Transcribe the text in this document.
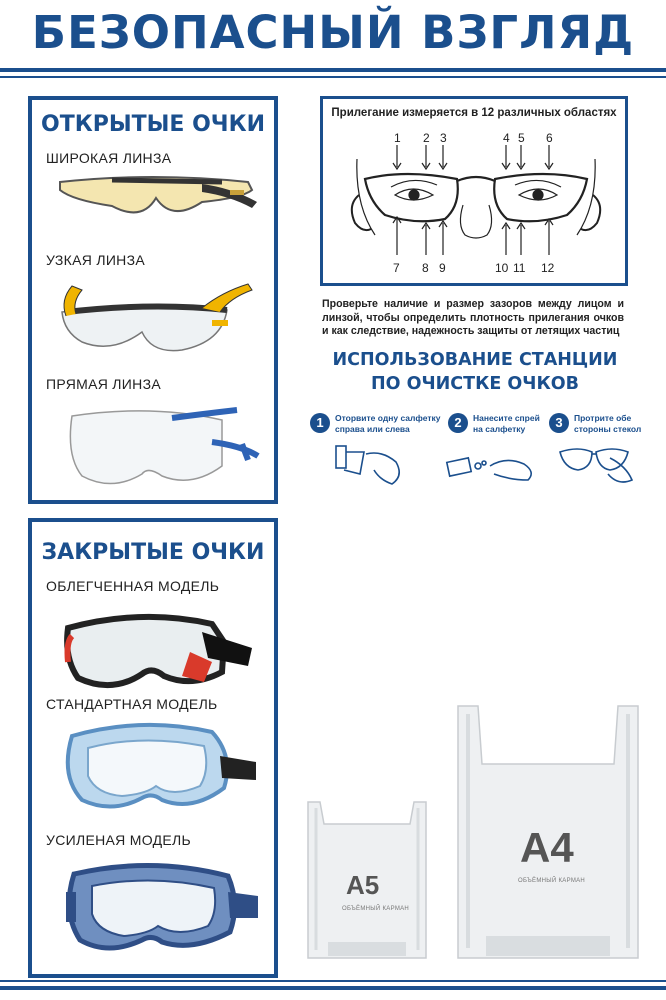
БЕЗОПАСНЫЙ ВЗГЛЯД
ОТКРЫТЫЕ ОЧКИ
ШИРОКАЯ ЛИНЗА
УЗКАЯ ЛИНЗА
ПРЯМАЯ ЛИНЗА
ЗАКРЫТЫЕ ОЧКИ
ОБЛЕГЧЕННАЯ МОДЕЛЬ
СТАНДАРТНАЯ МОДЕЛЬ
УСИЛЕНАЯ МОДЕЛЬ
Прилегание измеряется в 12 различных областях
1 2 3	4 5 6
7 8 9	10 11 12
Проверьте наличие и размер зазоров между лицом и линзой, чтобы определить плотность прилегания очков и как следствие, надежность защиты от летящих частиц
ИСПОЛЬЗОВАНИЕ СТАНЦИИ
ПО ОЧИСТКЕ ОЧКОВ
1	Оторвите одну салфетку
справа или слева	2	Нанесите спрей
на салфетку	3	Протрите обе
стороны стекол
А5
ОБЪЁМНЫЙ КАРМАН
А4
ОБЪЁМНЫЙ КАРМАН
